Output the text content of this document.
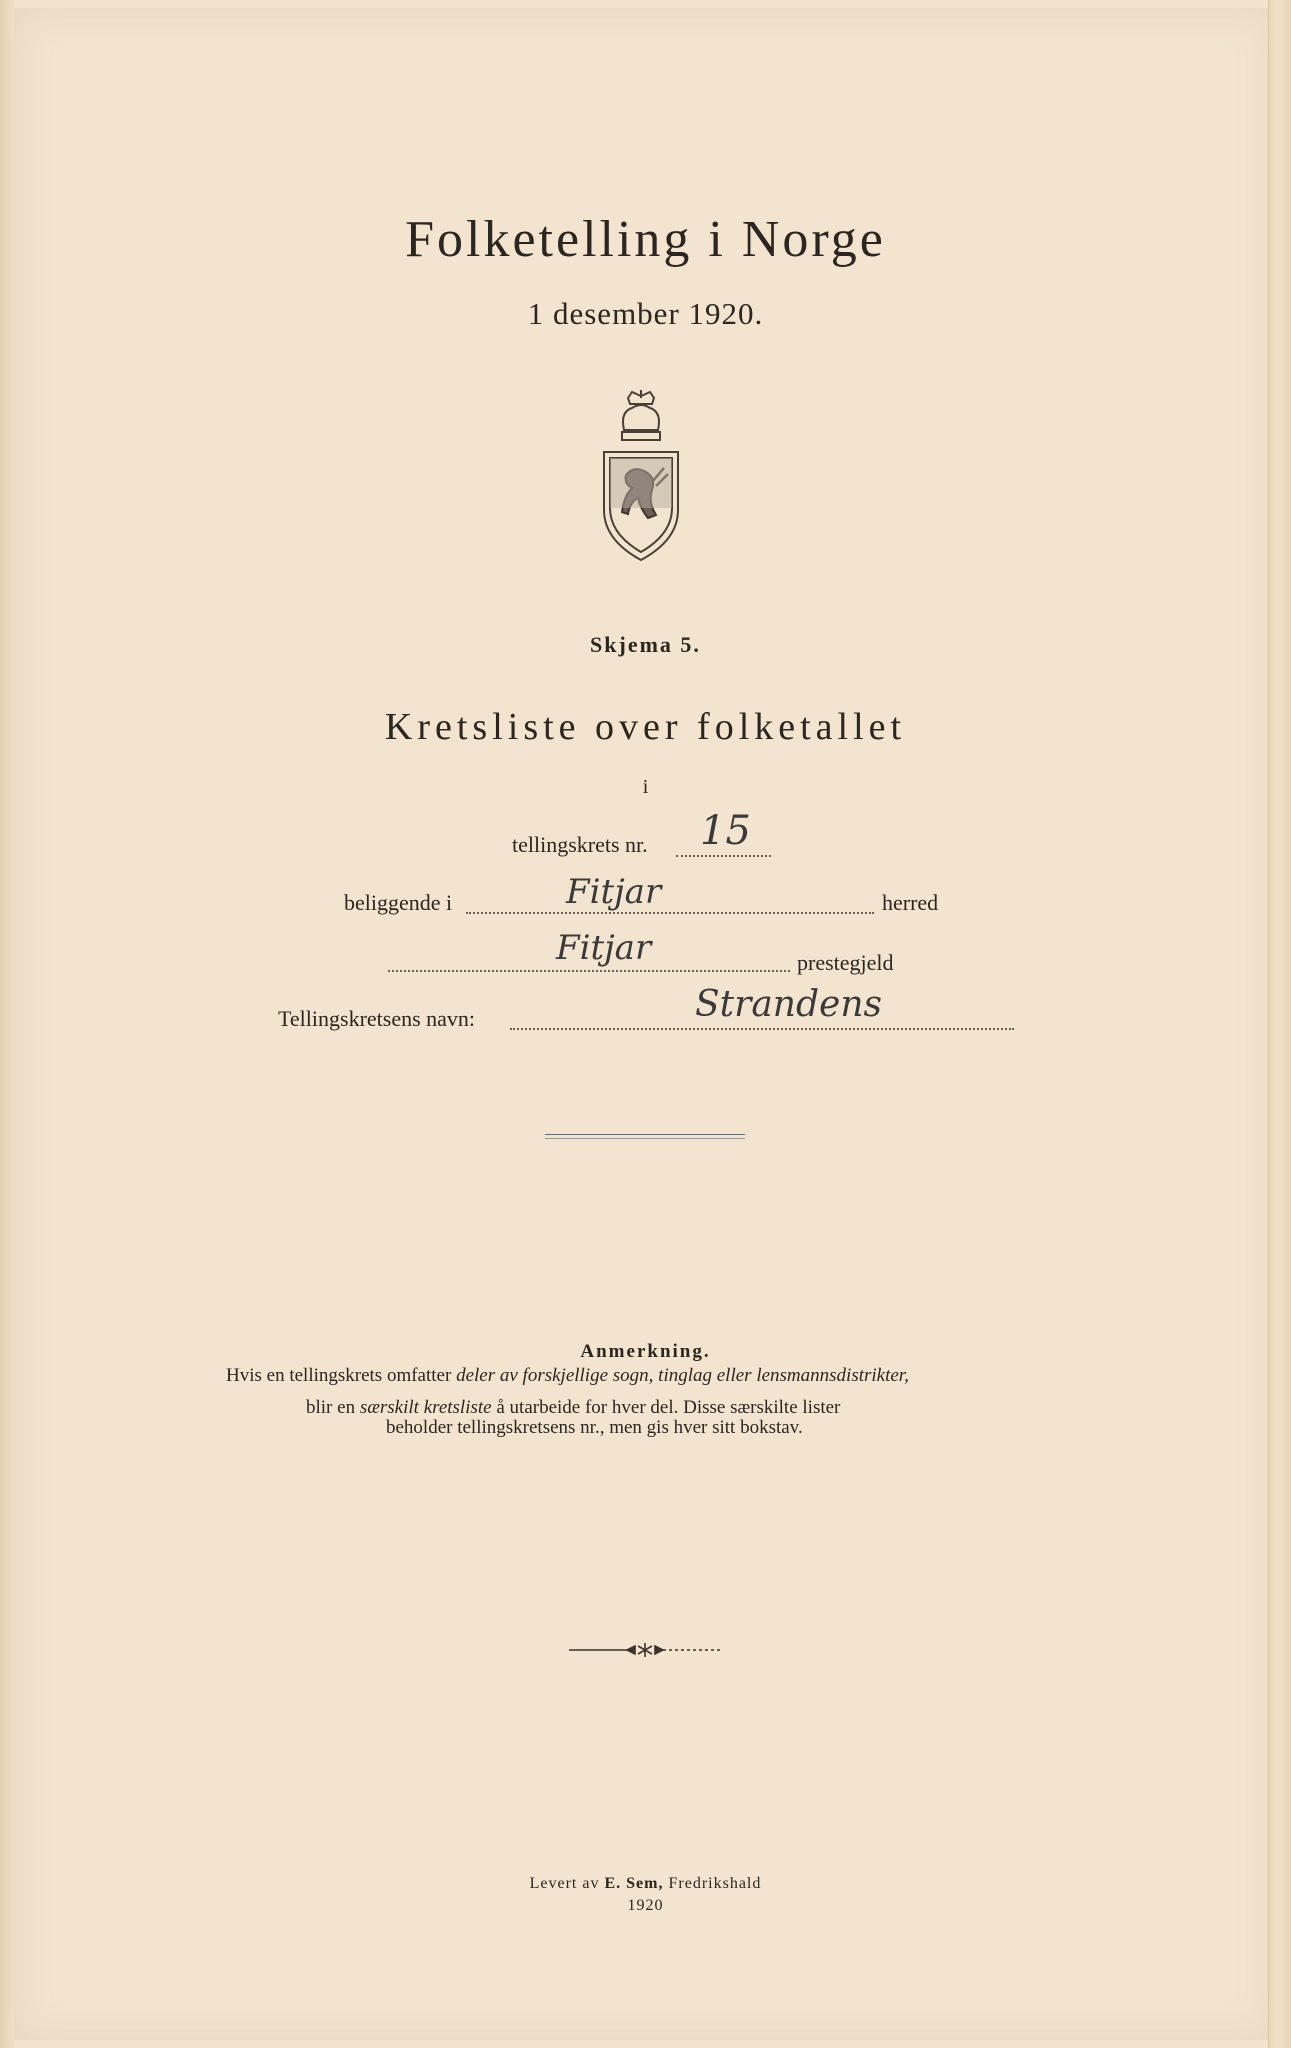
Folketelling i Norge
1 desember 1920.
Skjema 5.
Kretsliste over folketallet
i
tellingskrets nr. 15
beliggende i	Fitjar	herred
Fitjar	prestegjeld
Tellingskretsens navn:	Strandens
Anmerkning.
Hvis en tellingskrets omfatter deler av forskjellige sogn, tinglag eller lensmannsdistrikter,
blir en særskilt kretsliste å utarbeide for hver del. Disse særskilte lister
beholder tellingskretsens nr., men gis hver sitt bokstav.
Levert av E. Sem, Fredrikshald
1920
